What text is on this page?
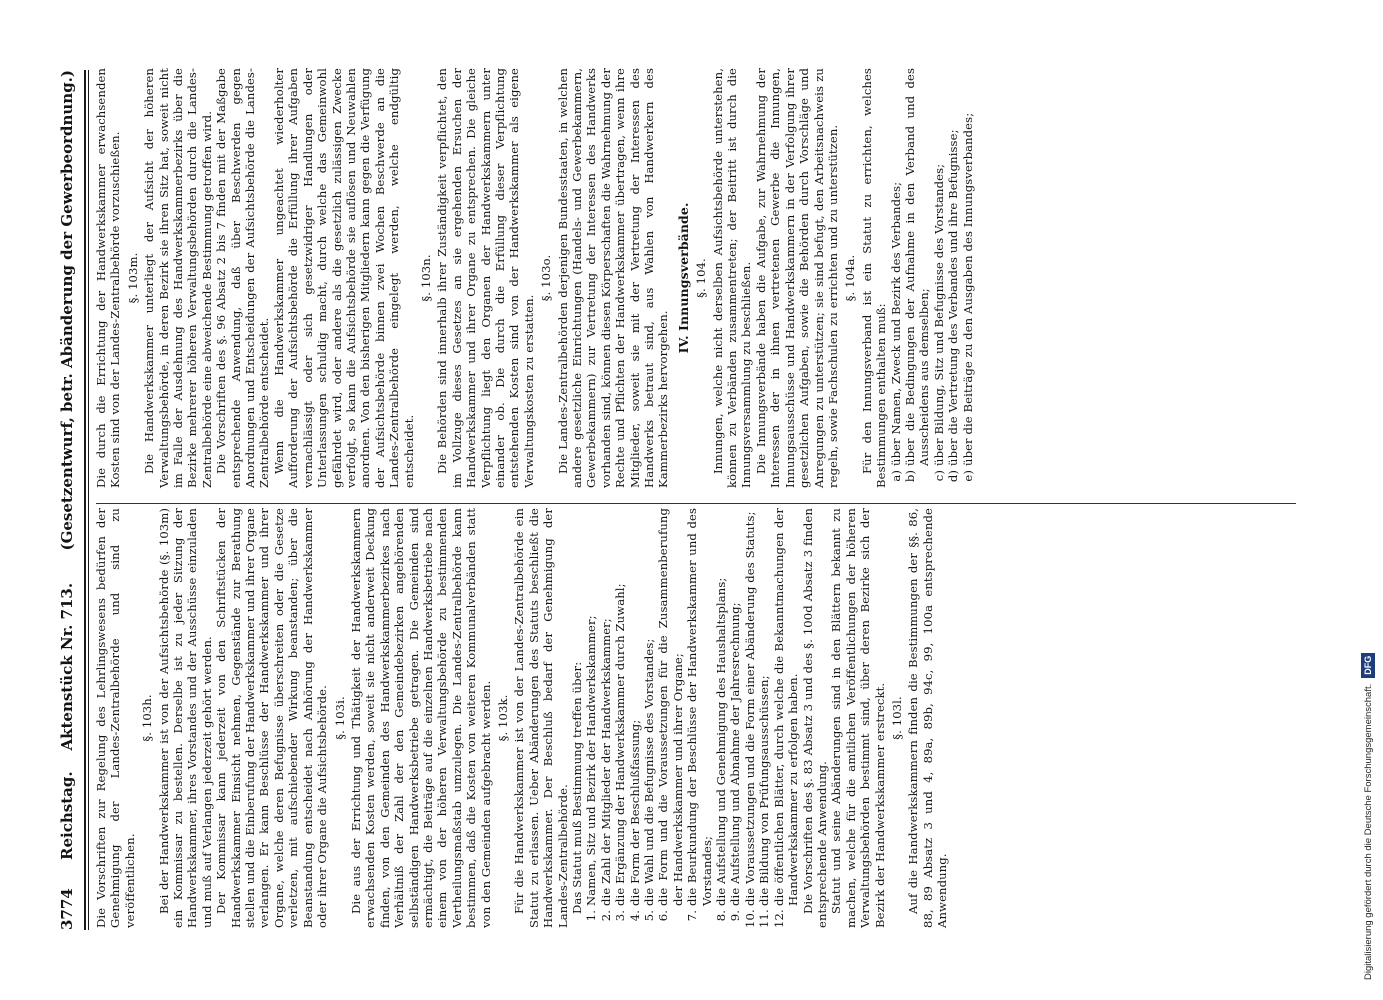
3774
Reichstag.    Aktenstück Nr. 713.
(Gesetzentwurf, betr. Abänderung der Gewerbeordnung.)

Die Vorschriften zur Regelung des Lehrlingswesens bedürfen der Genehmigung der Landes-Zentralbehörde und sind zu veröffentlichen.

§. 103h. Bei der Handwerkskammer ist von der Aufsichtsbehörde (§. 103m) ein Kommissar zu bestellen. Derselbe ist zu jeder Sitzung der Handwerkskammer, ihres Vorstandes und der Ausschüsse einzuladen und muß auf Verlangen jederzeit gehört werden. Der Kommissar kann jederzeit von den Schriftstücken der Handwerkskammer Einsicht nehmen, Gegenstände zur Berathung stellen und die Einberufung der Handwerkskammer und ihrer Organe verlangen. Er kann Beschlüsse der Handwerkskammer und ihrer Organe, welche deren Befugnisse überschreiten oder die Gesetze verletzen, mit aufschiebender Wirkung beanstanden; über die Beanstandung entscheidet nach Anhörung der Handwerkskammer oder ihrer Organe die Aufsichtsbehörde. §. 103i. Die aus der Errichtung und Thätigkeit der Handwerkskammern erwachsenden Kosten werden, soweit sie nicht anderweit Deckung finden, von den Gemeinden des Handwerkskammerbezirkes nach Verhältniß der Zahl der den Gemeindebezirken angehörenden selbständigen Handwerksbetriebe getragen. Die Gemeinden sind ermächtigt, die Beiträge auf die einzelnen Handwerksbetriebe nach einem von der höheren Verwaltungsbehörde zu bestimmenden Vertheilungsmaßstab umzulegen. Die Landes-Zentralbehörde kann bestimmen, daß die Kosten von weiteren Kommunalverbänden statt von den Gemeinden aufgebracht werden. §. 103k. Für die Handwerkskammer ist von der Landes-Zentralbehörde ein Statut zu erlassen. Ueber Abänderungen des Statuts beschließt die Handwerkskammer. Der Beschluß bedarf der Genehmigung der Landes-Zentralbehörde. Das Statut muß Bestimmung treffen über:

1.
Namen, Sitz und Bezirk der Handwerkskammer;
2.
die Zahl der Mitglieder der Handwerkskammer;
3.
die Ergänzung der Handwerkskammer durch Zuwahl;
4.
die Form der Beschlußfassung;
5.
die Wahl und die Befugnisse des Vorstandes;
6.
die Form und die Voraussetzungen für die Zusammenberufung der Handwerkskammer und ihrer Organe;
7.
die Beurkundung der Beschlüsse der Handwerkskammer und des Vorstandes;
8.
die Aufstellung und Genehmigung des Haushaltsplans;
9.
die Aufstellung und Abnahme der Jahresrechnung;
10.
die Voraussetzungen und die Form einer Abänderung des Statuts;
11.
die Bildung von Prüfungsausschüssen;
12.
die öffentlichen Blätter, durch welche die Bekanntmachungen der Handwerkskammer zu erfolgen haben. Die Vorschriften des §. 83 Absatz 3 und des §. 100d Absatz 3 finden entsprechende Anwendung. Statut und seine Abänderungen sind in den Blättern bekannt zu machen, welche für die amtlichen Veröffentlichungen der höheren Verwaltungsbehörden bestimmt sind, über deren Bezirke sich der Bezirk der Handwerkskammer erstreckt. §. 103l. Auf die Handwerkskammern finden die Bestimmungen der §§. 86, 88, 89 Absatz 3 und 4, 89a, 89b, 94c, 99, 100a entsprechende Anwendung.

Die durch die Errichtung der Handwerkskammer erwachsenden Kosten sind von der Landes-Zentralbehörde vorzuschießen. §. 103m. Die Handwerkskammer unterliegt der Aufsicht der höheren Verwaltungsbehörde, in deren Bezirk sie ihren Sitz hat, soweit nicht im Falle der Ausdehnung des Handwerkskammerbezirks über die Bezirke mehrerer höheren Verwaltungsbehörden durch die Landes-Zentralbehörde eine abweichende Bestimmung getroffen wird. Die Vorschriften des §. 96 Absatz 2 bis 7 finden mit der Maßgabe entsprechende Anwendung, daß über Beschwerden gegen Anordnungen und Entscheidungen der Aufsichtsbehörde die Landes-Zentralbehörde entscheidet. Wenn die Handwerkskammer ungeachtet wiederholter Aufforderung der Aufsichtsbehörde die Erfüllung ihrer Aufgaben vernachlässigt oder sich gesetzwidriger Handlungen oder Unterlassungen schuldig macht, durch welche das Gemeinwohl gefährdet wird, oder andere als die gesetzlich zulässigen Zwecke verfolgt, so kann die Aufsichtsbehörde sie auflösen und Neuwahlen anordnen. Von den bisherigen Mitgliedern kann gegen die Verfügung der Aufsichtsbehörde binnen zwei Wochen Beschwerde an die Landes-Zentralbehörde eingelegt werden, welche endgültig entscheidet.

§. 103n. Die Behörden sind innerhalb ihrer Zuständigkeit verpflichtet, den im Vollzuge dieses Gesetzes an sie ergehenden Ersuchen der Handwerkskammer und ihrer Organe zu entsprechen. Die gleiche Verpflichtung liegt den Organen der Handwerkskammern unter einander ob. Die durch die Erfüllung dieser Verpflichtung entstehenden Kosten sind von der Handwerkskammer als eigene Verwaltungskosten zu erstatten.

§. 103o. Die Landes-Zentralbehörden derjenigen Bundesstaaten, in welchen andere gesetzliche Einrichtungen (Handels- und Gewerbekammern, Gewerbekammern) zur Vertretung der Interessen des Handwerks vorhanden sind, können diesen Körperschaften die Wahrnehmung der Rechte und Pflichten der Handwerkskammer übertragen, wenn ihre Mitglieder, soweit sie mit der Vertretung der Interessen des Handwerks betraut sind, aus Wahlen von Handwerkern des Kammerbezirks hervorgehen.

IV. Innungsverbände. §. 104. Innungen, welche nicht derselben Aufsichtsbehörde unterstehen, können zu Verbänden zusammentreten; der Beitritt ist durch die Innungsversammlung zu beschließen. Die Innungsverbände haben die Aufgabe, zur Wahrnehmung der Interessen der in ihnen vertretenen Gewerbe die Innungen, Innungsausschüsse und Handwerkskammern in der Verfolgung ihrer gesetzlichen Aufgaben, sowie die Behörden durch Vorschläge und Anregungen zu unterstützen; sie sind befugt, den Arbeitsnachweis zu regeln, sowie Fachschulen zu errichten und zu unterstützen. §. 104a. Für den Innungsverband ist ein Statut zu errichten, welches Bestimmungen enthalten muß: a)
über Namen, Zweck und Bezirk des Verbandes;
b)
über die Bedingungen der Aufnahme in den Verband und des Ausscheidens aus demselben;
c)
über Bildung, Sitz und Befugnisse des Vorstandes;
d)
über die Vertretung des Verbandes und ihre Befugnisse;
e)
über die Beiträge zu den Ausgaben des Innungsverbandes;
Digitalisierung gefördert durch die Deutsche Forschungsgemeinschaft.DFG
